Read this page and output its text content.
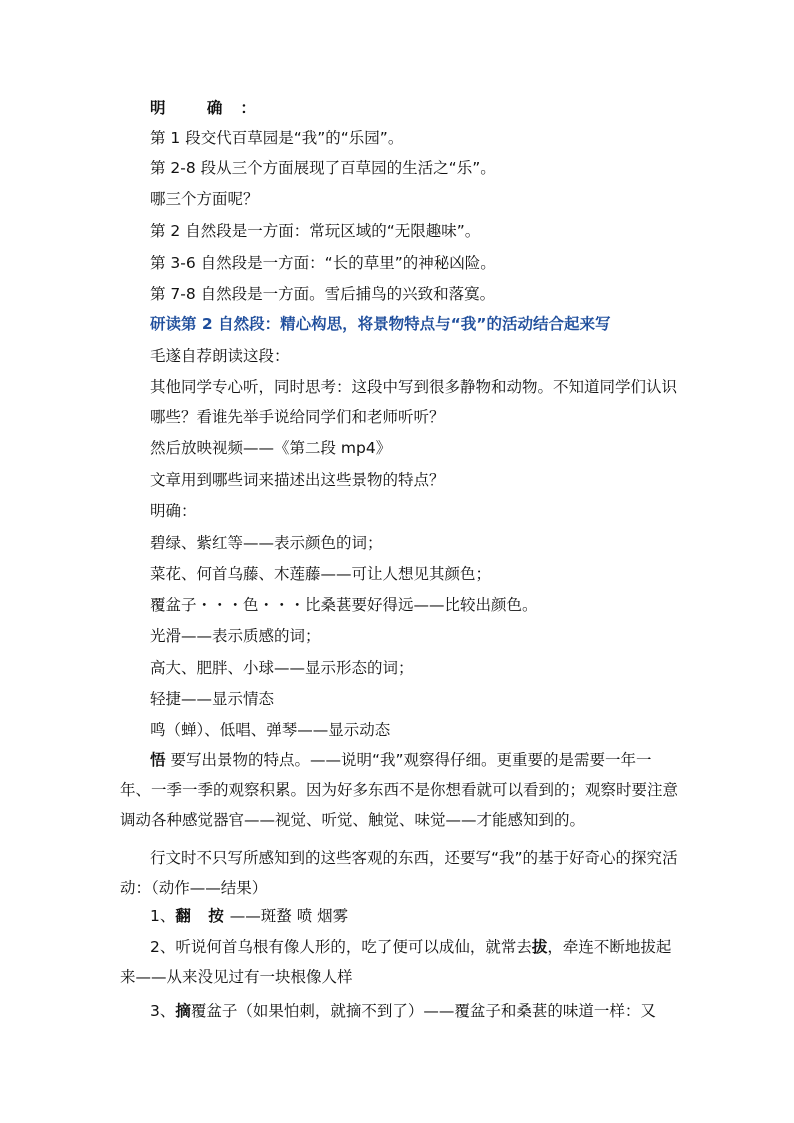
明 确：
第 1 段交代百草园是“我”的“乐园”。
第 2-8 段从三个方面展现了百草园的生活之“乐”。
哪三个方面呢？
第 2 自然段是一方面：常玩区域的“无限趣味”。
第 3-6 自然段是一方面：“长的草里”的神秘凶险。
第 7-8 自然段是一方面。雪后捕鸟的兴致和落寞。
研读第 2 自然段：精心构思，将景物特点与“我”的活动结合起来写
毛遂自荐朗读这段：
其他同学专心听，同时思考：这段中写到很多静物和动物。不知道同学们认识哪些？看谁先举手说给同学们和老师听听？
然后放映视频——《第二段 mp4》
文章用到哪些词来描述出这些景物的特点？
明确：
碧绿、紫红等——表示颜色的词；
菜花、何首乌藤、木莲藤——可让人想见其颜色；
覆盆子・・・色・・・比桑葚要好得远——比较出颜色。
光滑——表示质感的词；
高大、肥胖、小球——显示形态的词；
轻捷——显示情态
鸣（蝉）、低唱、弹琴——显示动态
悟 要写出景物的特点。——说明“我”观察得仔细。更重要的是需要一年一年、一季一季的观察积累。因为好多东西不是你想看就可以看到的；观察时要注意调动各种感觉器官——视觉、听觉、触觉、味觉——才能感知到的。
行文时不只写所感知到的这些客观的东西，还要写“我”的基于好奇心的探究活动：（动作——结果）
1、翻 按——斑蝥 喷 烟雾
2、听说何首乌根有像人形的，吃了便可以成仙，就常去拔，牵连不断地拔起来——从来没见过有一块根像人样
3、摘覆盆子（如果怕刺，就摘不到了）——覆盆子和桑葚的味道一样：又
